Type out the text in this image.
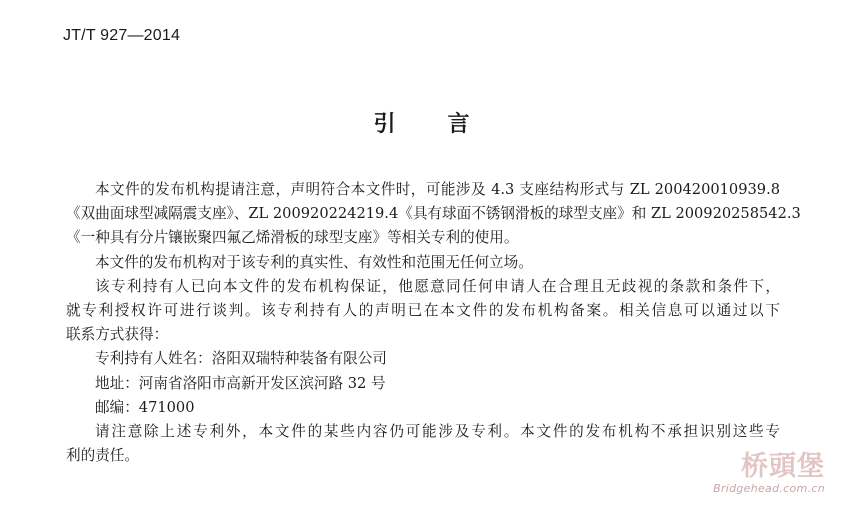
JT/T 927—2014
引 言
本文件的发布机构提请注意，声明符合本文件时，可能涉及 4.3 支座结构形式与 ZL 200420010939.8
《双曲面球型减隔震支座》、ZL 200920224219.4《具有球面不锈钢滑板的球型支座》和 ZL 200920258542.3
《一种具有分片镶嵌聚四氟乙烯滑板的球型支座》等相关专利的使用。
本文件的发布机构对于该专利的真实性、有效性和范围无任何立场。
该专利持有人已向本文件的发布机构保证，他愿意同任何申请人在合理且无歧视的条款和条件下，
就专利授权许可进行谈判。该专利持有人的声明已在本文件的发布机构备案。相关信息可以通过以下
联系方式获得：
专利持有人姓名：洛阳双瑞特种装备有限公司
地址：河南省洛阳市高新开发区滨河路 32 号
邮编：471000
请注意除上述专利外，本文件的某些内容仍可能涉及专利。本文件的发布机构不承担识别这些专
利的责任。	桥頭堡
Bridgehead.com.cn
